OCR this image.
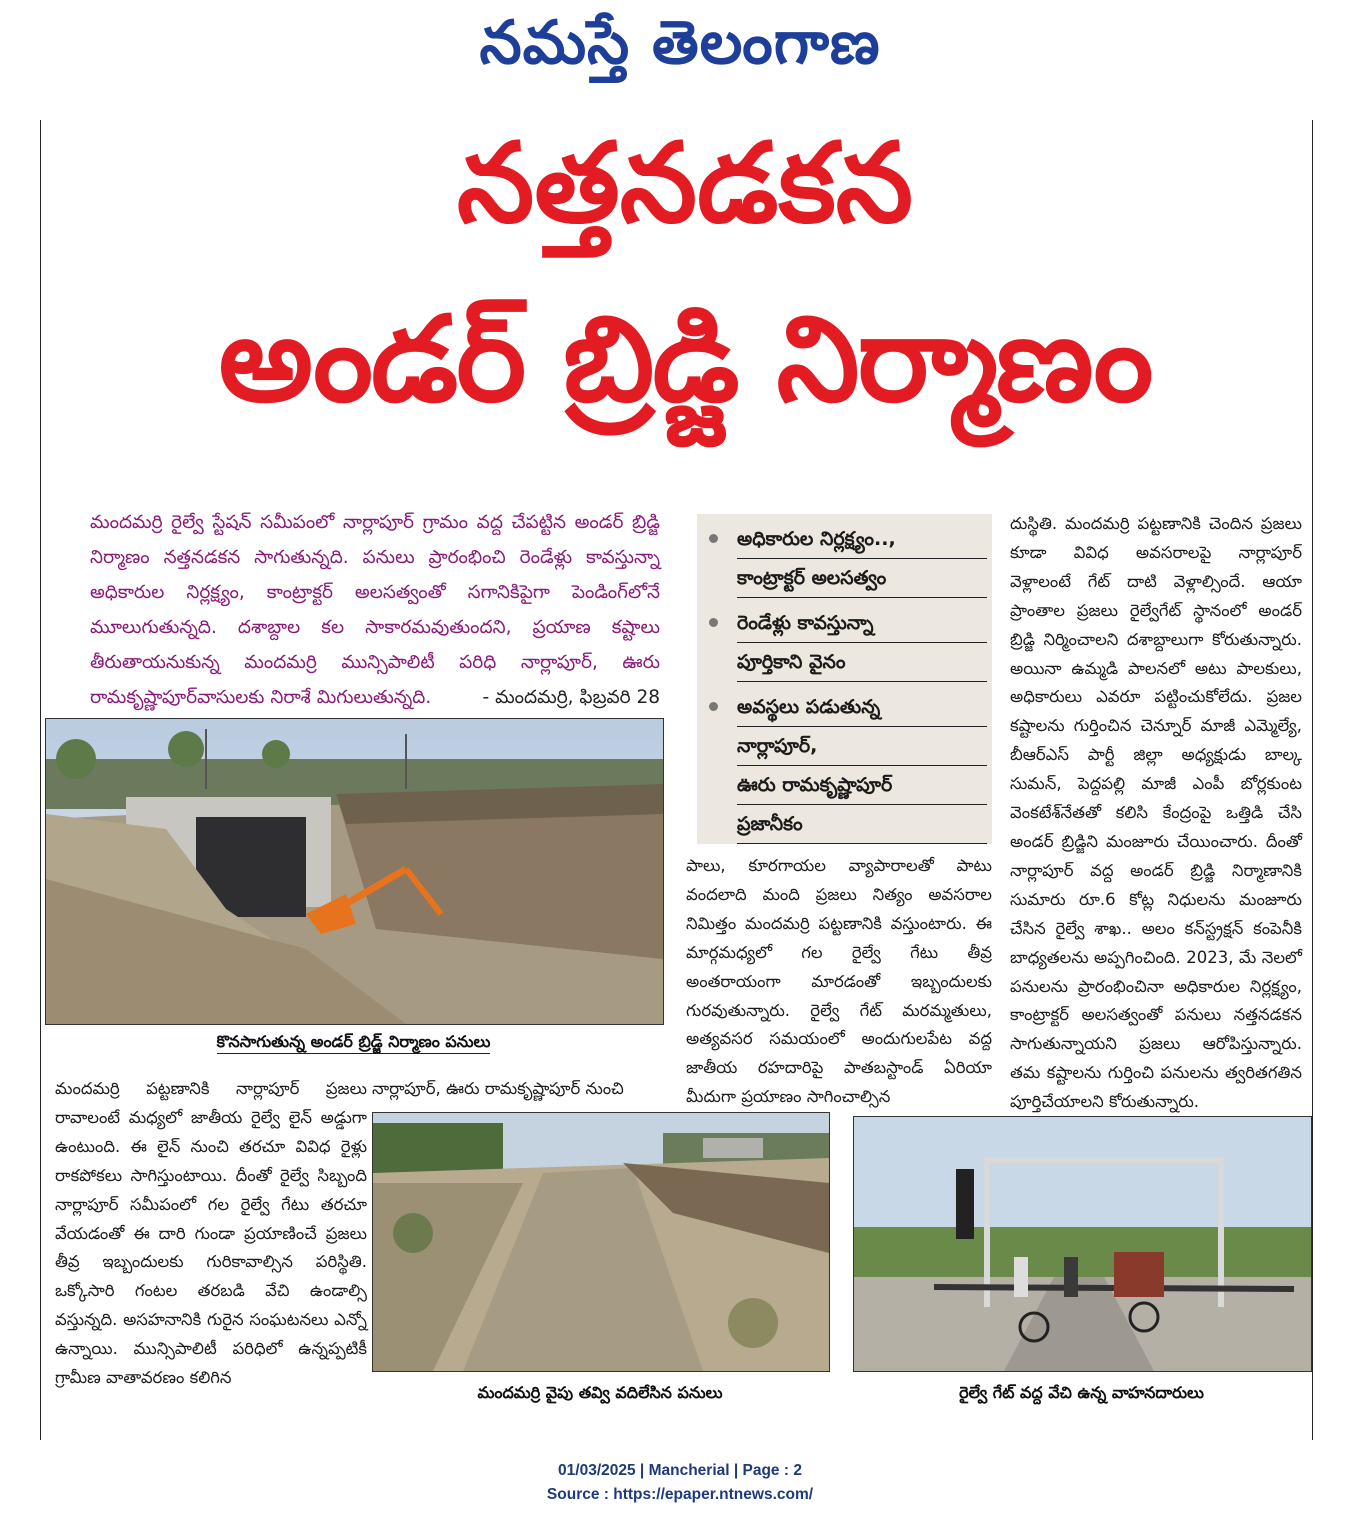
నమస్తే తెలంగాణ
నత్తనడకన
అండర్ బ్రిడ్జి నిర్మాణం
మందమర్రి రైల్వే స్టేషన్ సమీపంలో నార్లాపూర్ గ్రామం వద్ద చేపట్టిన అండర్ బ్రిడ్జి నిర్మాణం నత్తనడకన సాగుతున్నది. పనులు ప్రారంభించి రెండేళ్లు కావస్తున్నా అధికారుల నిర్లక్ష్యం, కాంట్రాక్టర్ అలసత్వంతో సగానికిపైగా పెండింగ్‌లోనే మూలుగుతున్నది. దశాబ్దాల కల సాకారమవుతుందని, ప్రయాణ కష్టాలు తీరుతాయనుకున్న మందమర్రి మున్సిపాలిటీ పరిధి నార్లాపూర్, ఊరు రామకృష్ణాపూర్‌వాసులకు నిరాశే మిగులుతున్నది.	- మందమర్రి, ఫిబ్రవరి 28
అధికారుల నిర్లక్ష్యం..,
కాంట్రాక్టర్ అలసత్వం
రెండేళ్లు కావస్తున్నా
పూర్తికాని వైనం
అవస్థలు పడుతున్న
నార్లాపూర్,
ఊరు రామకృష్ణాపూర్
ప్రజానీకం
దుస్థితి. మందమర్రి పట్టణానికి చెందిన ప్రజలు కూడా వివిధ అవసరాలపై నార్లాపూర్ వెళ్లాలంటే గేట్ దాటి వెళ్లాల్సిందే. ఆయా ప్రాంతాల ప్రజలు రైల్వేగేట్ స్థానంలో అండర్ బ్రిడ్జి నిర్మించాలని దశాబ్దాలుగా కోరుతున్నారు. అయినా ఉమ్మడి పాలనలో అటు పాలకులు, అధికారులు ఎవరూ పట్టించుకోలేదు. ప్రజల కష్టాలను గుర్తించిన చెన్నూర్ మాజీ ఎమ్మెల్యే, బీఆర్ఎస్ పార్టీ జిల్లా అధ్యక్షుడు బాల్క సుమన్, పెద్దపల్లి మాజీ ఎంపీ బోర్లకుంట వెంకటేశ్‌నేతతో కలిసి కేంద్రంపై ఒత్తిడి చేసి అండర్ బ్రిడ్జిని మంజూరు చేయించారు. దీంతో నార్లాపూర్ వద్ద అండర్ బ్రిడ్జి నిర్మాణానికి సుమారు రూ.6 కోట్ల నిధులను మంజూరు చేసిన రైల్వే శాఖ.. అలం కన్‌స్ట్రక్షన్ కంపెనీకి బాధ్యతలను అప్పగించింది. 2023, మే నెలలో పనులను ప్రారంభించినా అధికారుల నిర్లక్ష్యం, కాంట్రాక్టర్ అలసత్వంతో పనులు నత్తనడకన సాగుతున్నాయని ప్రజలు ఆరోపిస్తున్నారు. తమ కష్టాలను గుర్తించి పనులను త్వరితగతిన పూర్తిచేయాలని కోరుతున్నారు.
పాలు, కూరగాయల వ్యాపారాలతో పాటు వందలాది మంది ప్రజలు నిత్యం అవసరాల నిమిత్తం మందమర్రి పట్టణానికి వస్తుంటారు. ఈ మార్గమధ్యలో గల రైల్వే గేటు తీవ్ర అంతరాయంగా మారడంతో ఇబ్బందులకు గురవుతున్నారు. రైల్వే గేట్ మరమ్మతులు, అత్యవసర సమయంలో అందుగులపేట వద్ద జాతీయ రహదారిపై పాతబస్టాండ్ ఏరియా మీదుగా ప్రయాణం సాగించాల్సిన
కొనసాగుతున్న అండర్ బ్రిడ్జ్ నిర్మాణం పనులు
మందమర్రి పట్టణానికి నార్లాపూర్ ప్రజలు రావాలంటే మధ్యలో జాతీయ రైల్వే లైన్ అడ్డుగా ఉంటుంది. ఈ లైన్ నుంచి తరచూ వివిధ రైళ్లు రాకపోకలు సాగిస్తుంటాయి. దీంతో రైల్వే సిబ్బంది నార్లాపూర్ సమీపంలో గల రైల్వే గేటు తరచూ వేయడంతో ఈ దారి గుండా ప్రయాణించే ప్రజలు తీవ్ర ఇబ్బందులకు గురికావాల్సిన పరిస్థితి. ఒక్కోసారి గంటల తరబడి వేచి ఉండాల్సి వస్తున్నది. అసహనానికి గురైన సంఘటనలు ఎన్నో ఉన్నాయి. మున్సిపాలిటీ పరిధిలో ఉన్నప్పటికీ గ్రామీణ వాతావరణం కలిగిన
నార్లాపూర్, ఊరు రామకృష్ణాపూర్ నుంచి
మందమర్రి వైపు తవ్వి వదిలేసిన పనులు	రైల్వే గేట్ వద్ద వేచి ఉన్న వాహనదారులు
01/03/2025 | Mancherial | Page : 2
Source : https://epaper.ntnews.com/
